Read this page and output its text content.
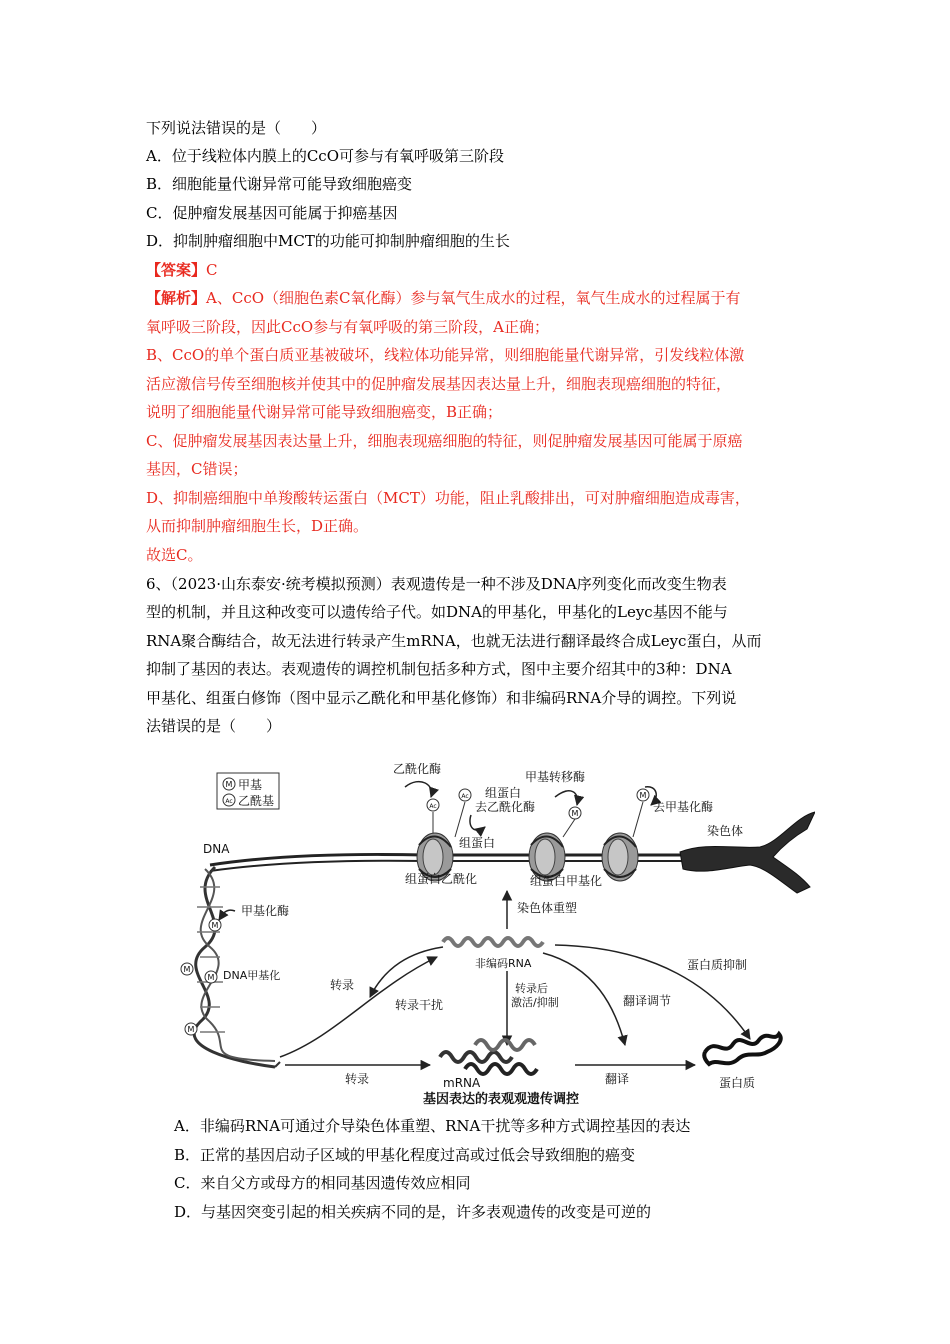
下列说法错误的是（　　）
A．位于线粒体内膜上的CcO可参与有氧呼吸第三阶段
B．细胞能量代谢异常可能导致细胞癌变
C．促肿瘤发展基因可能属于抑癌基因
D．抑制肿瘤细胞中MCT的功能可抑制肿瘤细胞的生长
【答案】C
【解析】A、CcO（细胞色素C氧化酶）参与氧气生成水的过程，氧气生成水的过程属于有
氧呼吸三阶段，因此CcO参与有氧呼吸的第三阶段，A正确；
B、CcO的单个蛋白质亚基被破坏，线粒体功能异常，则细胞能量代谢异常，引发线粒体激
活应激信号传至细胞核并使其中的促肿瘤发展基因表达量上升，细胞表现癌细胞的特征，
说明了细胞能量代谢异常可能导致细胞癌变，B正确；
C、促肿瘤发展基因表达量上升，细胞表现癌细胞的特征，则促肿瘤发展基因可能属于原癌
基因，C错误；
D、抑制癌细胞中单羧酸转运蛋白（MCT）功能，阻止乳酸排出，可对肿瘤细胞造成毒害，
从而抑制肿瘤细胞生长，D正确。
故选C。
6、（2023·山东泰安·统考模拟预测）表观遗传是一种不涉及DNA序列变化而改变生物表
型的机制，并且这种改变可以遗传给子代。如DNA的甲基化，甲基化的Leyc基因不能与
RNA聚合酶结合，故无法进行转录产生mRNA，也就无法进行翻译最终合成Leyc蛋白，从而
抑制了基因的表达。表观遗传的调控机制包括多种方式，图中主要介绍其中的3种：DNA
甲基化、组蛋白修饰（图中显示乙酰化和甲基化修饰）和非编码RNA介导的调控。下列说
法错误的是（　　）
M 甲基
Ac 乙酰基
DNA
M
M
M
M
甲基化酶
DNA甲基化
Ac
Ac
M
M
乙酰化酶
组蛋白
去乙酰化酶
甲基转移酶
去甲基化酶
组蛋白
组蛋白乙酰化	组蛋白甲基化
染色体
染色体重塑
非编码RNA
转录
转录干扰
转录后
激活/抑制	翻译调节
蛋白质抑制
转录	mRNA	翻译	蛋白质
基因表达的表观观遗传调控
A．非编码RNA可通过介导染色体重塑、RNA干扰等多种方式调控基因的表达
B．正常的基因启动子区域的甲基化程度过高或过低会导致细胞的癌变
C．来自父方或母方的相同基因遗传效应相同
D．与基因突变引起的相关疾病不同的是，许多表观遗传的改变是可逆的
